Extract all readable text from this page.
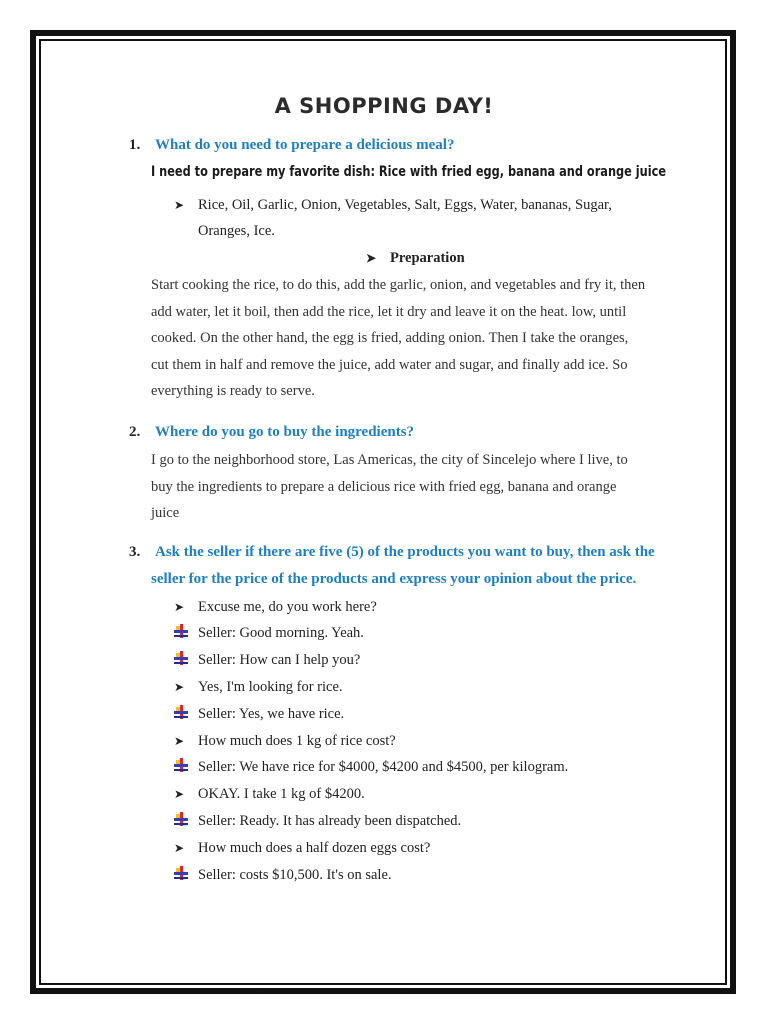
A SHOPPING DAY!
1. What do you need to prepare a delicious meal?
I need to prepare my favorite dish: Rice with fried egg, banana and orange juice
➤ Rice, Oil, Garlic, Onion, Vegetables, Salt, Eggs, Water, bananas, Sugar,
Oranges, Ice.
➤ Preparation
Start cooking the rice, to do this, add the garlic, onion, and vegetables and fry it, then
add water, let it boil, then add the rice, let it dry and leave it on the heat. low, until
cooked. On the other hand, the egg is fried, adding onion. Then I take the oranges,
cut them in half and remove the juice, add water and sugar, and finally add ice. So
everything is ready to serve.
2. Where do you go to buy the ingredients?
I go to the neighborhood store, Las Americas, the city of Sincelejo where I live, to
buy the ingredients to prepare a delicious rice with fried egg, banana and orange
juice
3. Ask the seller if there are five (5) of the products you want to buy, then ask the
seller for the price of the products and express your opinion about the price.
➤ Excuse me, do you work here?
Seller: Good morning. Yeah.
Seller: How can I help you?
➤ Yes, I'm looking for rice.
Seller: Yes, we have rice.
➤ How much does 1 kg of rice cost?
Seller: We have rice for $4000, $4200 and $4500, per kilogram.
➤ OKAY. I take 1 kg of $4200.
Seller: Ready. It has already been dispatched.
➤ How much does a half dozen eggs cost?
Seller: costs $10,500. It's on sale.
